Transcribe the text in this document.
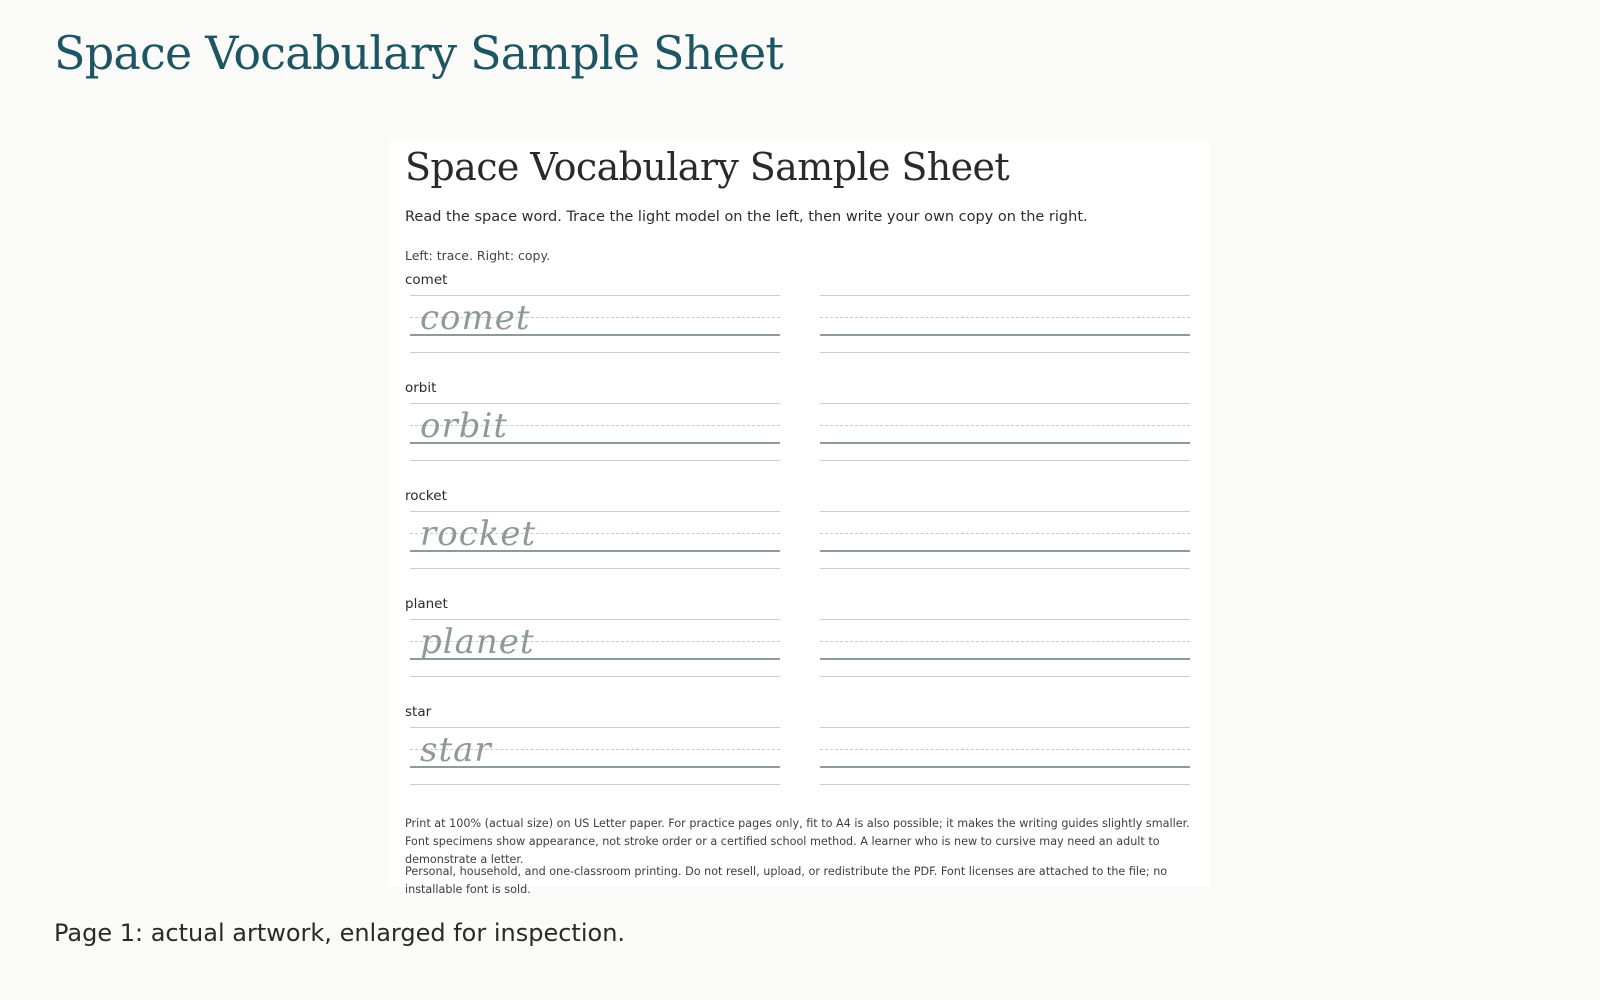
Space Vocabulary Sample Sheet
Space Vocabulary Sample Sheet
Read the space word. Trace the light model on the left, then write your own copy on the right.
Left: trace. Right: copy.
comet
comet
orbit
orbit
rocket
rocket
planet
planet
star
star

Print at 100% (actual size) on US Letter paper. For practice pages only, fit to A4 is also possible; it makes the writing guides slightly smaller. Font specimens show appearance, not stroke order or a certified school method. A learner who is new to cursive may need an adult to demonstrate a letter.

Personal, household, and one-classroom printing. Do not resell, upload, or redistribute the PDF. Font licenses are attached to the file; no installable font is sold.

Page 1: actual artwork, enlarged for inspection.
